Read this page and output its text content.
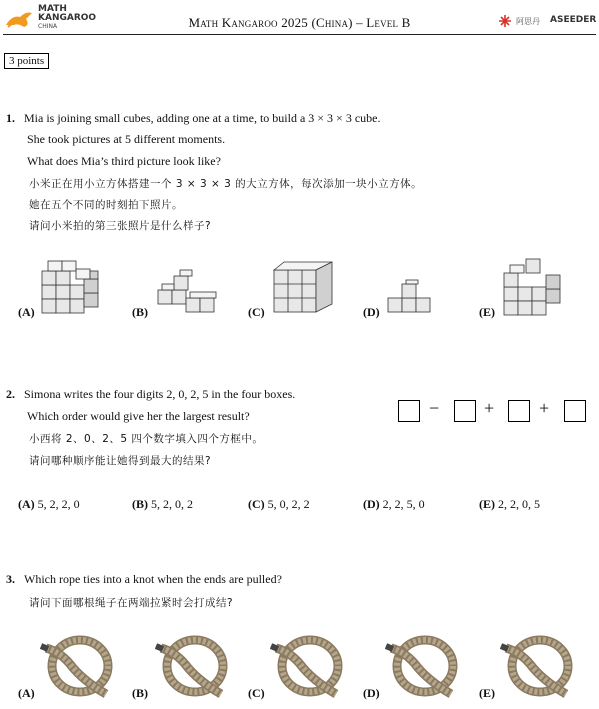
MATH
KANGAROO
CHINA	Math Kangaroo 2025 (China) – Level B	阿思丹 ASEEDER
3 points
1. Mia is joining small cubes, adding one at a time, to build a 3 × 3 × 3 cube.
She took pictures at 5 different moments.
What does Mia’s third picture look like?
小米正在用小立方体搭建一个 3 × 3 × 3 的大立方体，每次添加一块小立方体。
她在五个不同的时刻拍下照片。
请问小米拍的第三张照片是什么样子?
(A)	(B)	(C)	(D)	(E)
2. Simona writes the four digits 2, 0, 2, 5 in the four boxes.
Which order would give her the largest result?
小西将 2、0、2、5 四个数字填入四个方框中。
请问哪种顺序能让她得到最大的结果?
− + +
(A) 5, 2, 2, 0	(B) 5, 2, 0, 2	(C) 5, 0, 2, 2	(D) 2, 2, 5, 0	(E) 2, 2, 0, 5
3. Which rope ties into a knot when the ends are pulled?
请问下面哪根绳子在两端拉紧时会打成结?
(A)	(B)	(C)	(D)	(E)
